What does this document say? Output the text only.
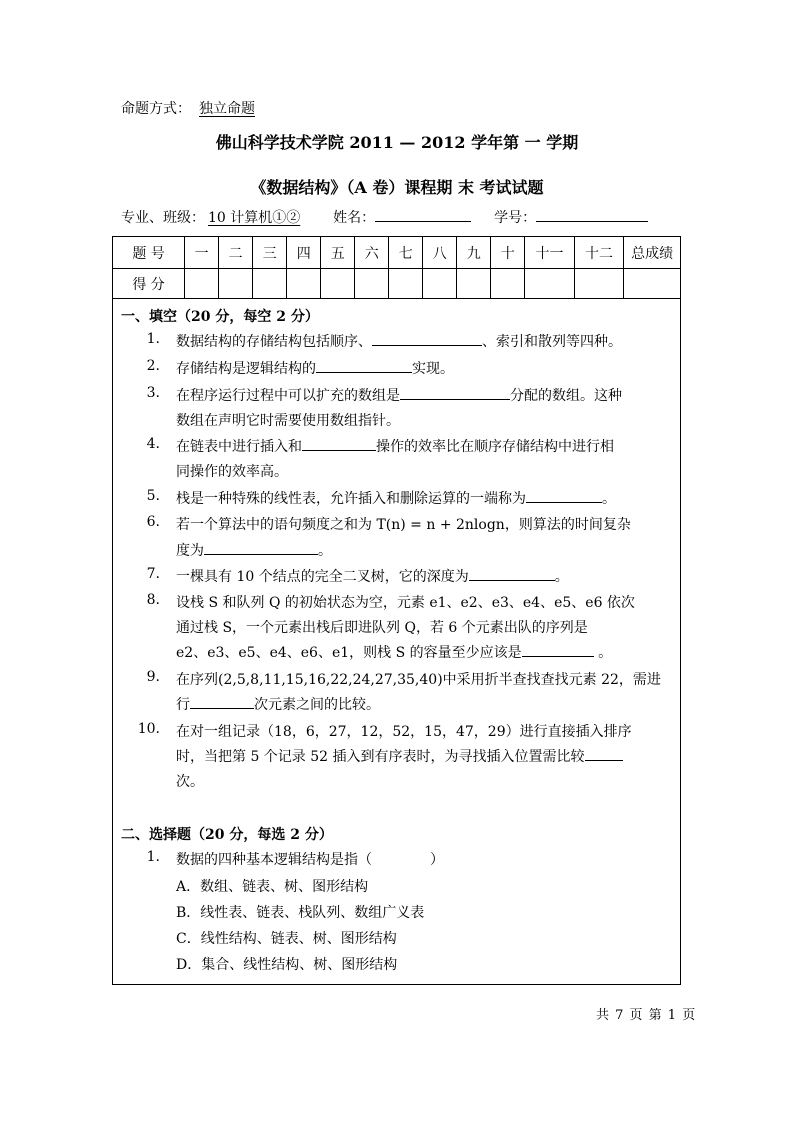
命题方式： 独立命题
佛山科学技术学院 2011 — 2012 学年第 一 学期
《数据结构》（A 卷）课程期 末 考试试题
专业、班级： 10 计算机①② 姓名：	学号：
题 号	一	二	三	四	五	六	七	八	九	十	十一	十二	总成绩
得 分													
一、填空（20 分，每空 2 分）
1. 数据结构的存储结构包括顺序、	、索引和散列等四种。
2. 存储结构是逻辑结构的	实现。
3. 在程序运行过程中可以扩充的数组是	分配的数组。这种
数组在声明它时需要使用数组指针。
4. 在链表中进行插入和	操作的效率比在顺序存储结构中进行相
同操作的效率高。
5. 栈是一种特殊的线性表，允许插入和删除运算的一端称为	。
6. 若一个算法中的语句频度之和为 T(n) = n + 2nlogn，则算法的时间复杂
度为	。
7. 一棵具有 10 个结点的完全二叉树，它的深度为	。
8. 设栈 S 和队列 Q 的初始状态为空，元素 e1、e2、e3、e4、e5、e6 依次
通过栈 S，一个元素出栈后即进队列 Q，若 6 个元素出队的序列是
e2、e3、e5、e4、e6、e1，则栈 S 的容量至少应该是	。
9. 在序列(2,5,8,11,15,16,22,24,27,35,40)中采用折半查找查找元素 22，需进
行	次元素之间的比较。
10. 在对一组记录（18，6，27，12，52，15，47，29）进行直接插入排序
时，当把第 5 个记录 52 插入到有序表时，为寻找插入位置需比较
次。
二、选择题（20 分，每选 2 分）
1. 数据的四种基本逻辑结构是指（	）
A．数组、链表、树、图形结构
B．线性表、链表、栈队列、数组广义表
C．线性结构、链表、树、图形结构
D．集合、线性结构、树、图形结构
共 7 页 第 1 页
